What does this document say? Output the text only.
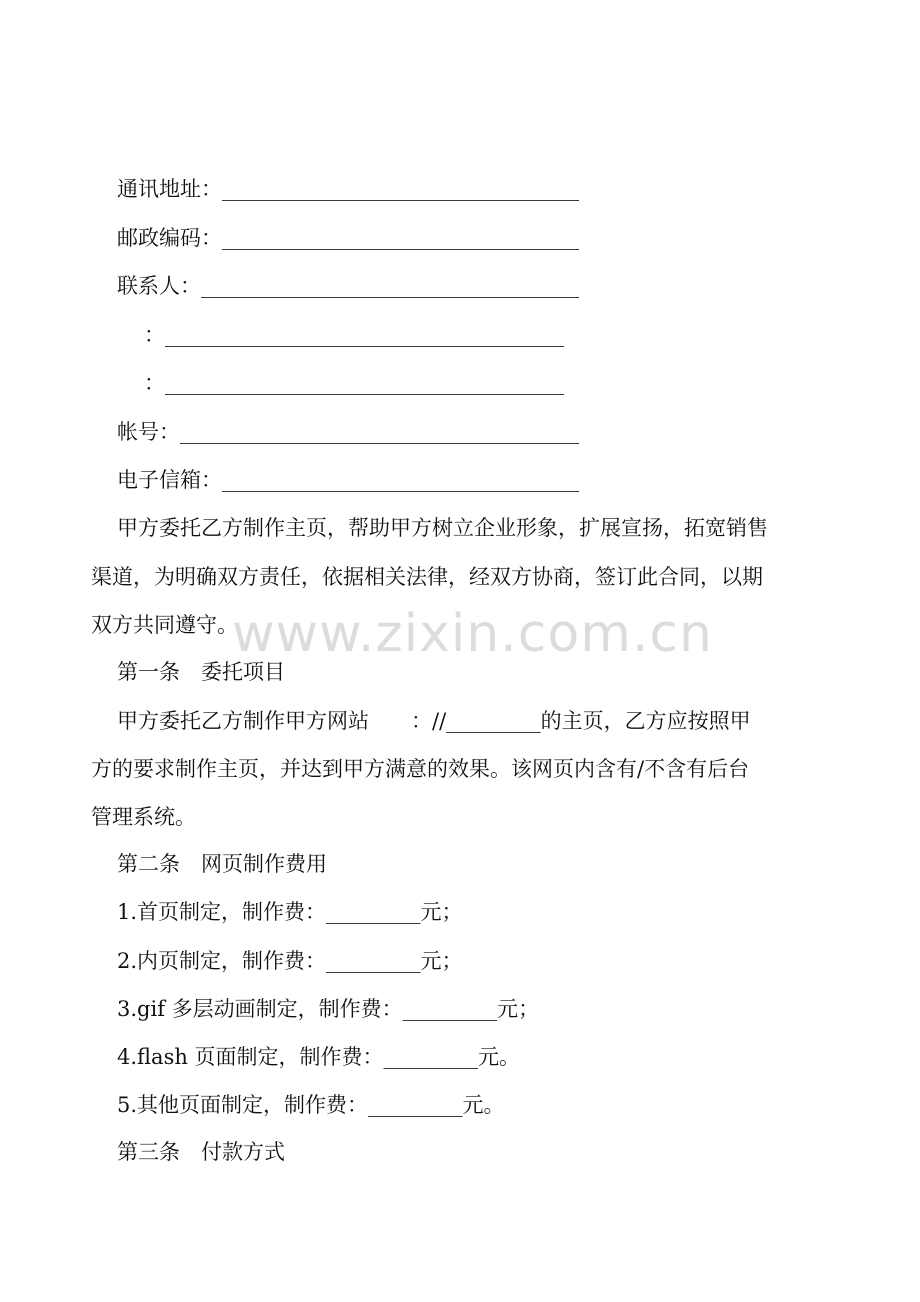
www.zixin.com.cn
通讯地址：__________________________________
邮政编码：__________________________________
联系人：____________________________________
：______________________________________
：______________________________________
帐号：______________________________________
电子信箱：__________________________________
甲方委托乙方制作主页，帮助甲方树立企业形象，扩展宣扬，拓宽销售
渠道，为明确双方责任，依据相关法律，经双方协商，签订此合同，以期
双方共同遵守。
第一条　委托项目
甲方委托乙方制作甲方网站　　：//_________的主页，乙方应按照甲
方的要求制作主页，并达到甲方满意的效果。该网页内含有/不含有后台
管理系统。
第二条　网页制作费用
1.首页制定，制作费：_________元；
2.内页制定，制作费：_________元；
3.gif 多层动画制定，制作费：_________元；
4.flash 页面制定，制作费：_________元。
5.其他页面制定，制作费：_________元。
第三条　付款方式
